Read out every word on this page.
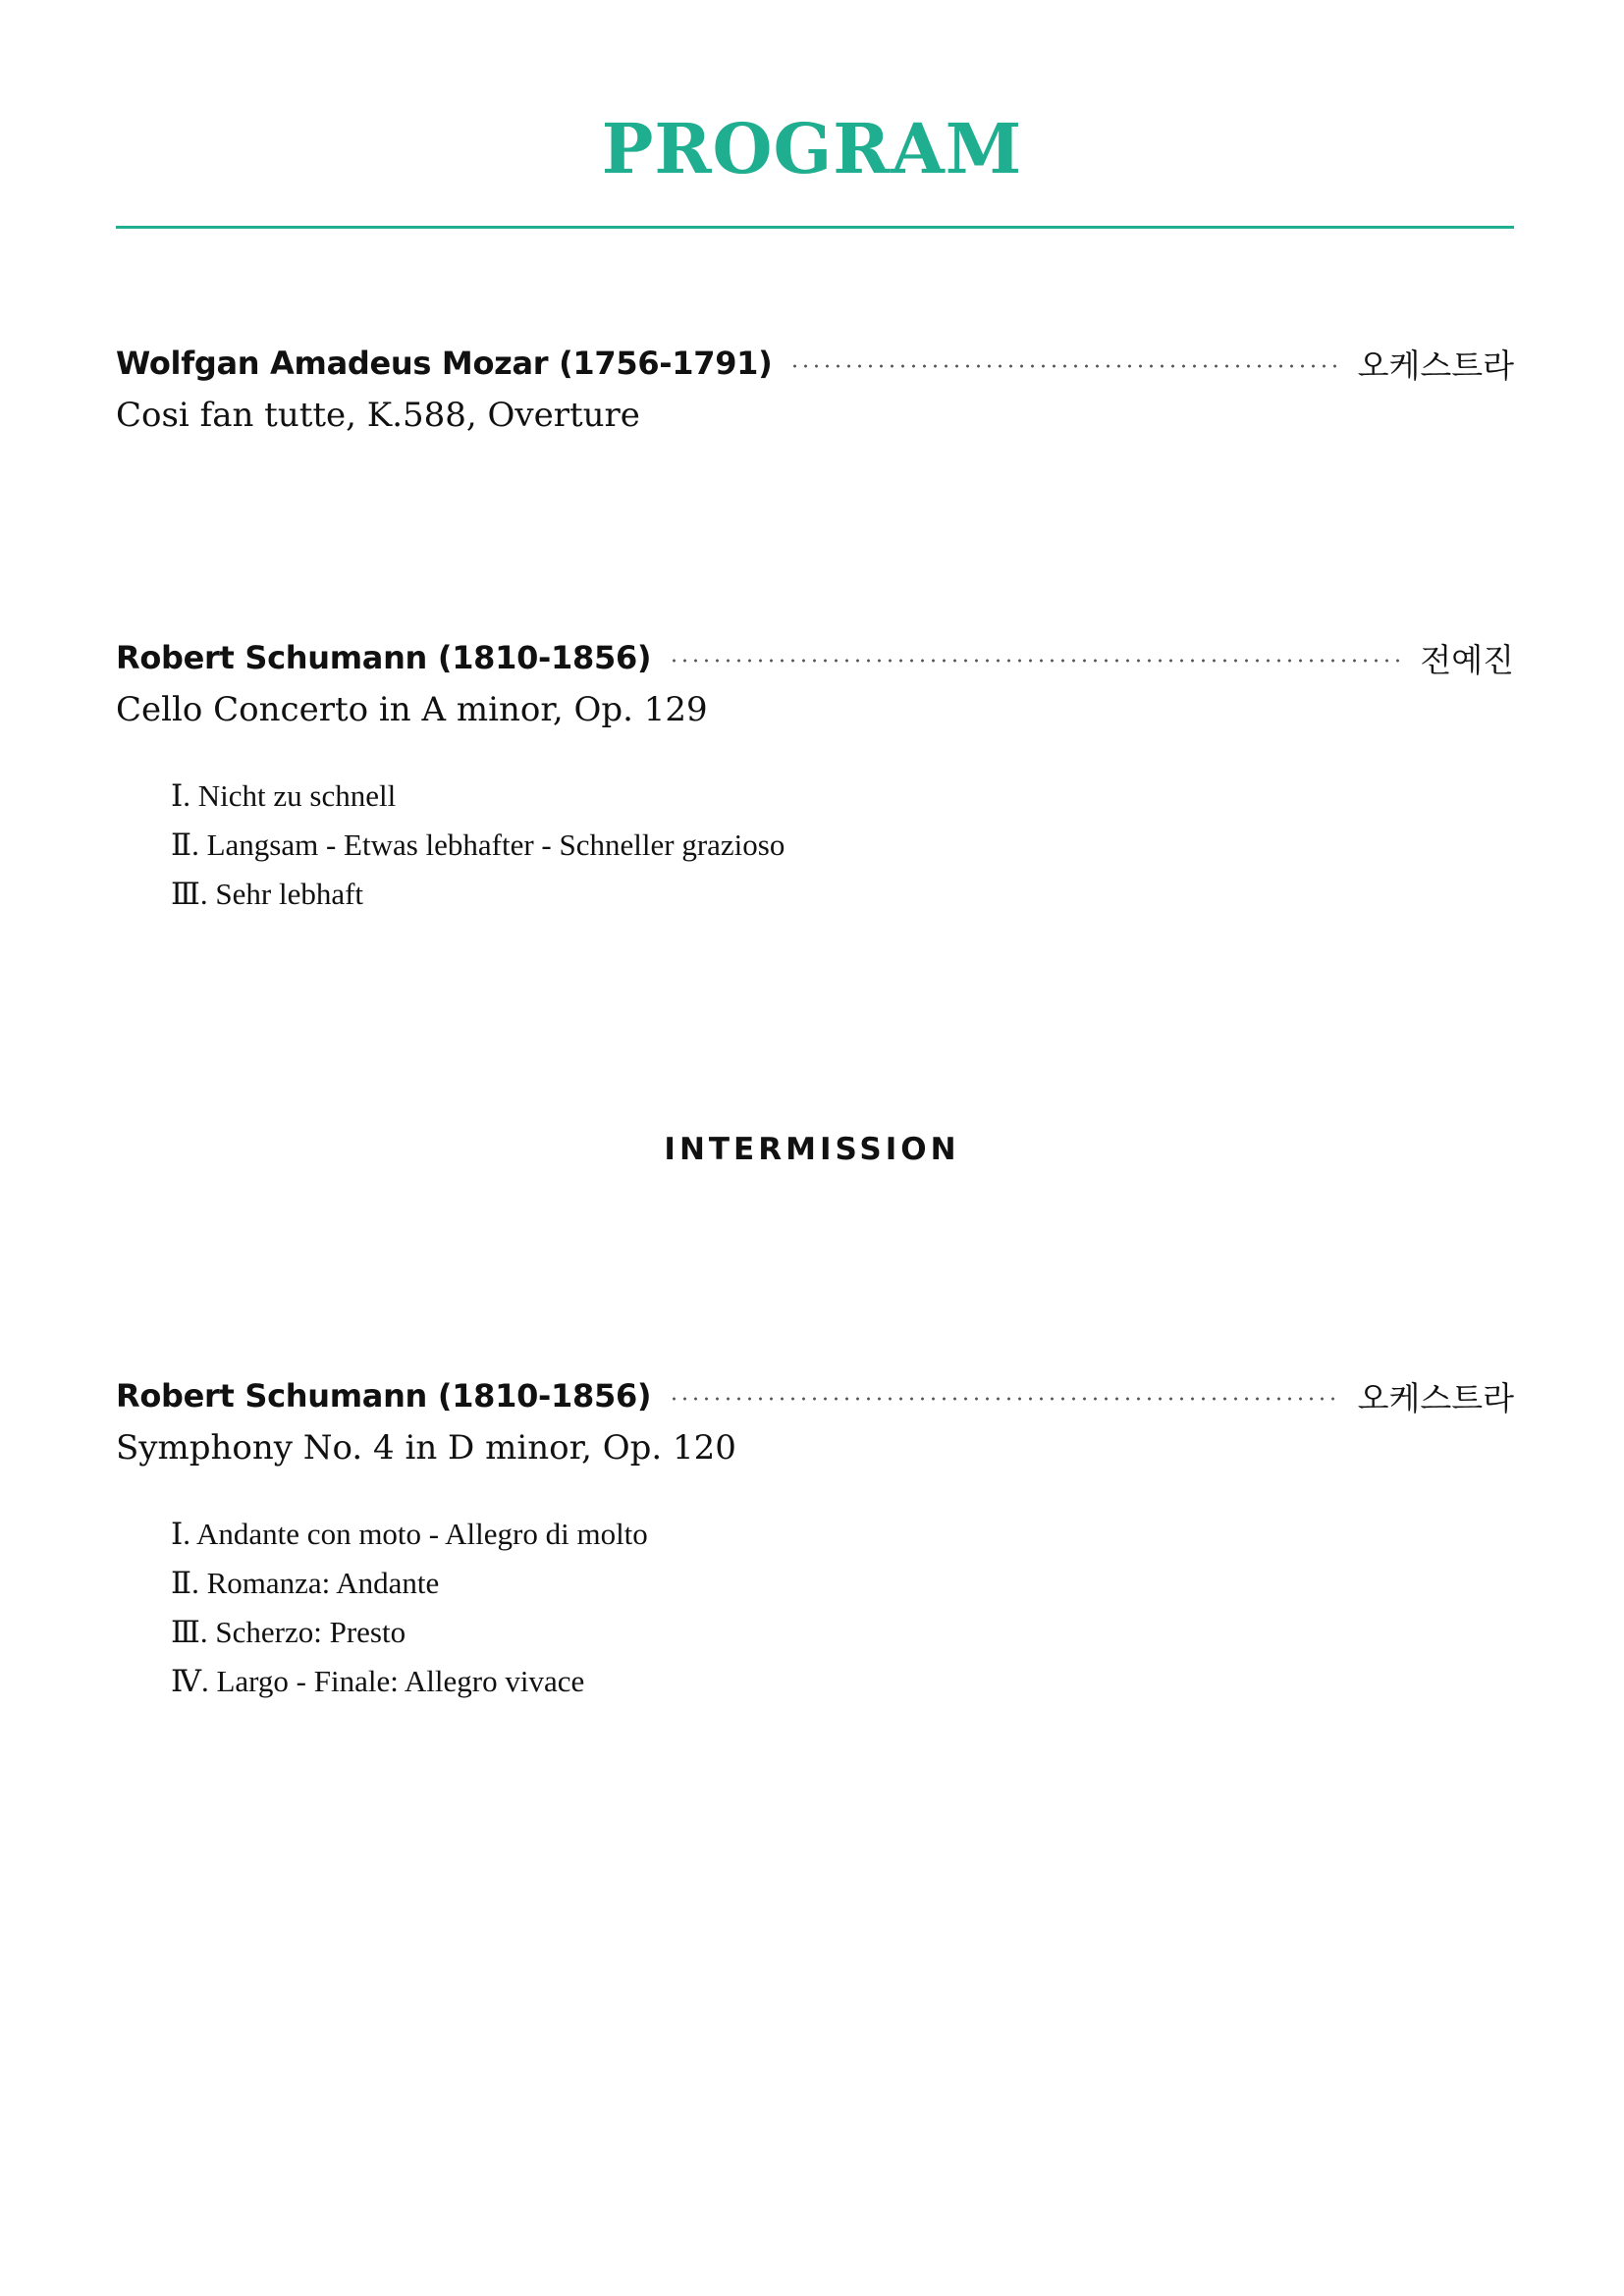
PROGRAM
Wolfgan Amadeus Mozar (1756-1791)	오케스트라
Cosi fan tutte, K.588, Overture
Robert Schumann (1810-1856)	전예진
Cello Concerto in A minor, Op. 129
Ⅰ. Nicht zu schnell
Ⅱ. Langsam - Etwas lebhafter - Schneller grazioso
Ⅲ. Sehr lebhaft
INTERMISSION
Robert Schumann (1810-1856)	오케스트라
Symphony No. 4 in D minor, Op. 120
Ⅰ. Andante con moto - Allegro di molto
Ⅱ. Romanza: Andante
Ⅲ. Scherzo: Presto
Ⅳ. Largo - Finale: Allegro vivace
